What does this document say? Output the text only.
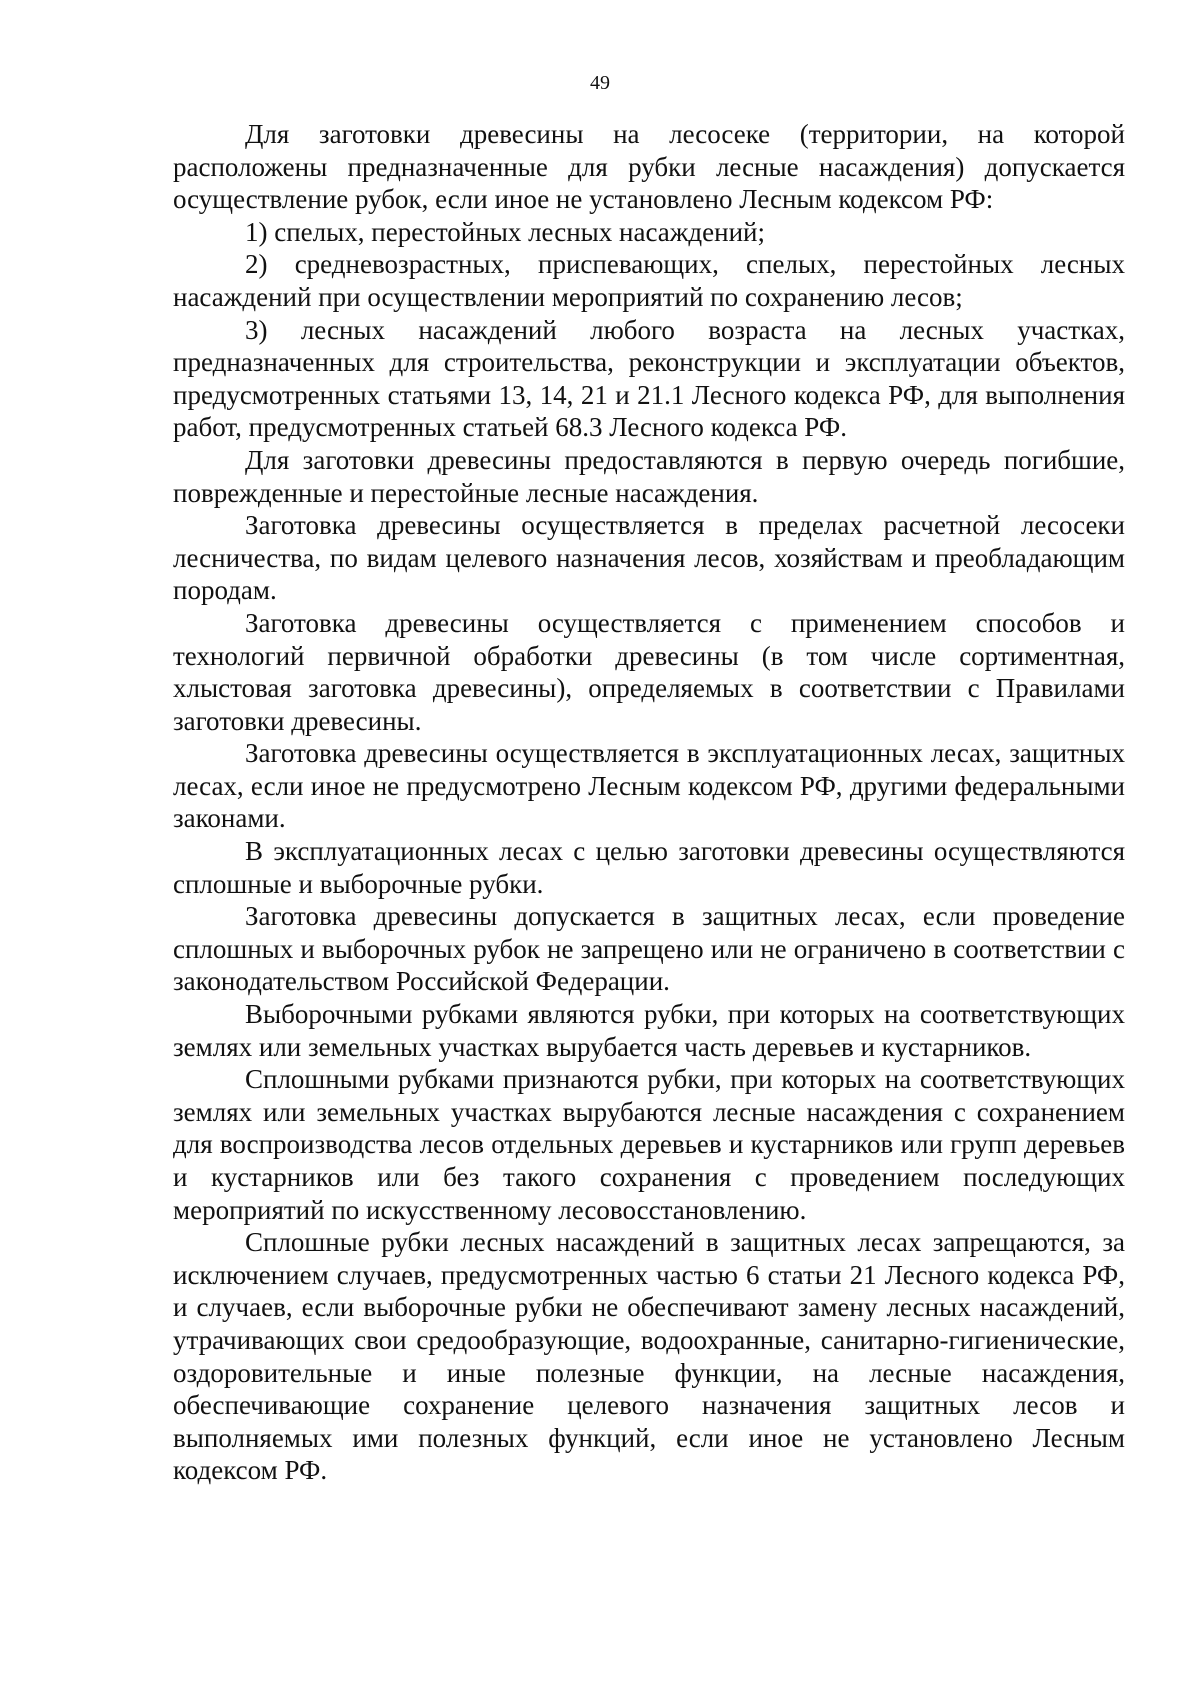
49

Для заготовки древесины на лесосеке (территории, на которой расположены предназначенные для рубки лесные насаждения) допускается осуществление рубок, если иное не установлено Лесным кодексом РФ:

1) спелых, перестойных лесных насаждений;

2) средневозрастных, приспевающих, спелых, перестойных лесных насаждений при осуществлении мероприятий по сохранению лесов;

3) лесных насаждений любого возраста на лесных участках, предназначенных для строительства, реконструкции и эксплуатации объектов, предусмотренных статьями 13, 14, 21 и 21.1 Лесного кодекса РФ, для выполнения работ, предусмотренных статьей 68.3 Лесного кодекса РФ.

Для заготовки древесины предоставляются в первую очередь погибшие, поврежденные и перестойные лесные насаждения.

Заготовка древесины осуществляется в пределах расчетной лесосеки лесничества, по видам целевого назначения лесов, хозяйствам и преобладающим породам.

Заготовка древесины осуществляется с применением способов и технологий первичной обработки древесины (в том числе сортиментная, хлыстовая заготовка древесины), определяемых в соответствии с Правилами заготовки древесины.

Заготовка древесины осуществляется в эксплуатационных лесах, защитных лесах, если иное не предусмотрено Лесным кодексом РФ, другими федеральными законами.

В эксплуатационных лесах с целью заготовки древесины осуществляются сплошные и выборочные рубки.

Заготовка древесины допускается в защитных лесах, если проведение сплошных и выборочных рубок не запрещено или не ограничено в соответствии с законодательством Российской Федерации.

Выборочными рубками являются рубки, при которых на соответствующих землях или земельных участках вырубается часть деревьев и кустарников.

Сплошными рубками признаются рубки, при которых на соответствующих землях или земельных участках вырубаются лесные насаждения с сохранением для воспроизводства лесов отдельных деревьев и кустарников или групп деревьев и кустарников или без такого сохранения с проведением последующих мероприятий по искусственному лесовосстановлению.

Сплошные рубки лесных насаждений в защитных лесах запрещаются, за исключением случаев, предусмотренных частью 6 статьи 21 Лесного кодекса РФ, и случаев, если выборочные рубки не обеспечивают замену лесных насаждений, утрачивающих свои средообразующие, водоохранные, санитарно-гигиенические, оздоровительные и иные полезные функции, на лесные насаждения, обеспечивающие сохранение целевого назначения защитных лесов и выполняемых ими полезных функций, если иное не установлено Лесным кодексом РФ.
